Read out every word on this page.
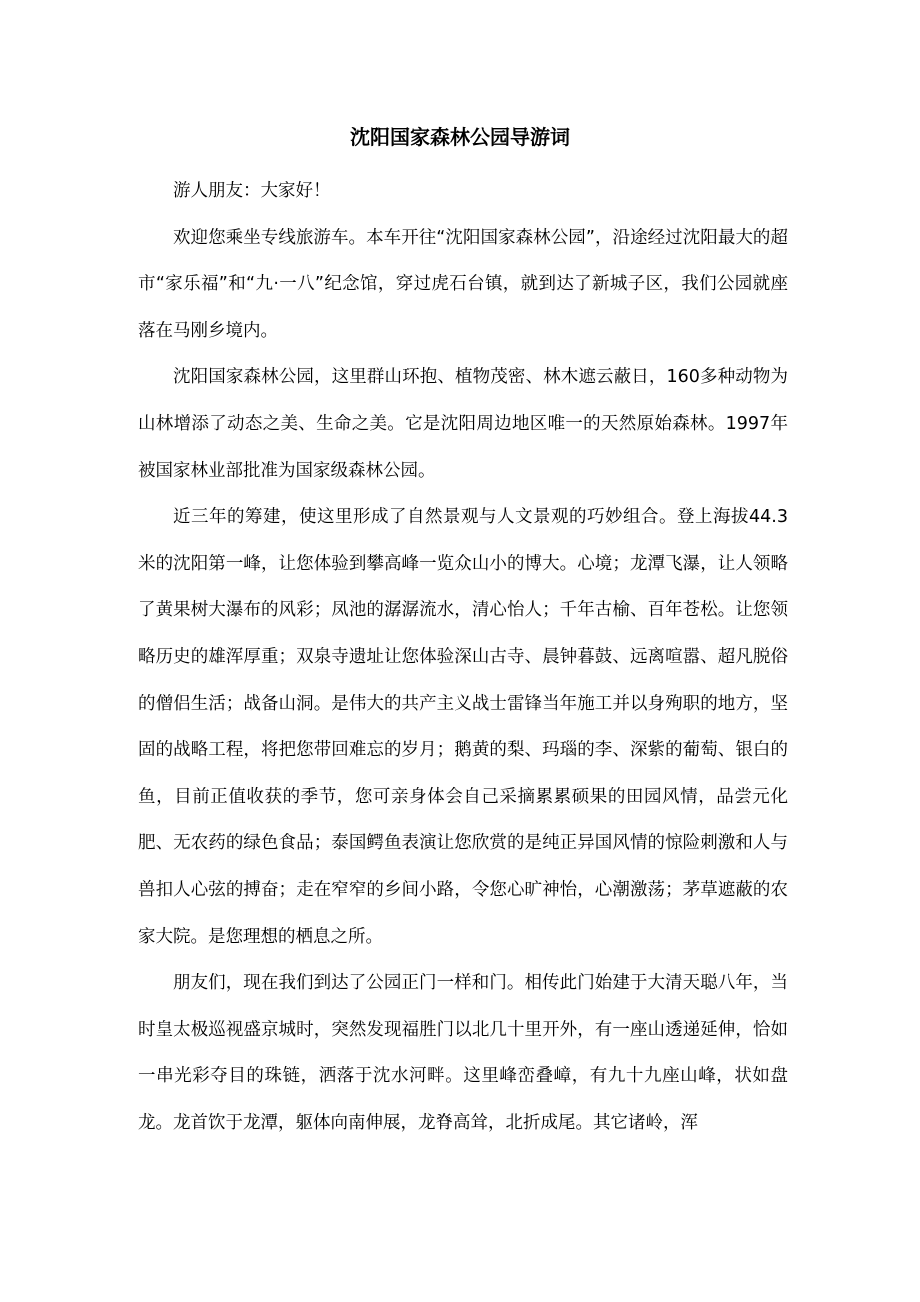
沈阳国家森林公园导游词

游人朋友：大家好！

欢迎您乘坐专线旅游车。本车开往“沈阳国家森林公园”，沿途经过沈阳最大的超市“家乐福”和“九·一八”纪念馆，穿过虎石台镇，就到达了新城子区，我们公园就座落在马刚乡境内。

沈阳国家森林公园，这里群山环抱、植物茂密、林木遮云蔽日，160多种动物为山林增添了动态之美、生命之美。它是沈阳周边地区唯一的天然原始森林。1997年被国家林业部批准为国家级森林公园。

近三年的筹建，使这里形成了自然景观与人文景观的巧妙组合。登上海拔44.3米的沈阳第一峰，让您体验到攀高峰一览众山小的博大。心境；龙潭飞瀑，让人领略了黄果树大瀑布的风彩；凤池的潺潺流水，清心怡人；千年古榆、百年苍松。让您领略历史的雄浑厚重；双泉寺遗址让您体验深山古寺、晨钟暮鼓、远离喧嚣、超凡脱俗的僧侣生活；战备山洞。是伟大的共产主义战士雷锋当年施工并以身殉职的地方，坚固的战略工程，将把您带回难忘的岁月；鹅黄的梨、玛瑙的李、深紫的葡萄、银白的鱼，目前正值收获的季节，您可亲身体会自己采摘累累硕果的田园风情，品尝元化肥、无农药的绿色食品；泰国鳄鱼表演让您欣赏的是纯正异国风情的惊险刺激和人与兽扣人心弦的搏奋；走在窄窄的乡间小路，令您心旷神怡，心潮激荡；茅草遮蔽的农家大院。是您理想的栖息之所。

朋友们，现在我们到达了公园正门一样和门。相传此门始建于大清天聪八年，当时皇太极巡视盛京城时，突然发现福胜门以北几十里开外，有一座山透递延伸，恰如一串光彩夺目的珠链，洒落于沈水河畔。这里峰峦叠嶂，有九十九座山峰，状如盘龙。龙首饮于龙潭，躯体向南伸展，龙脊高耸，北折成尾。其它诸岭，浑
